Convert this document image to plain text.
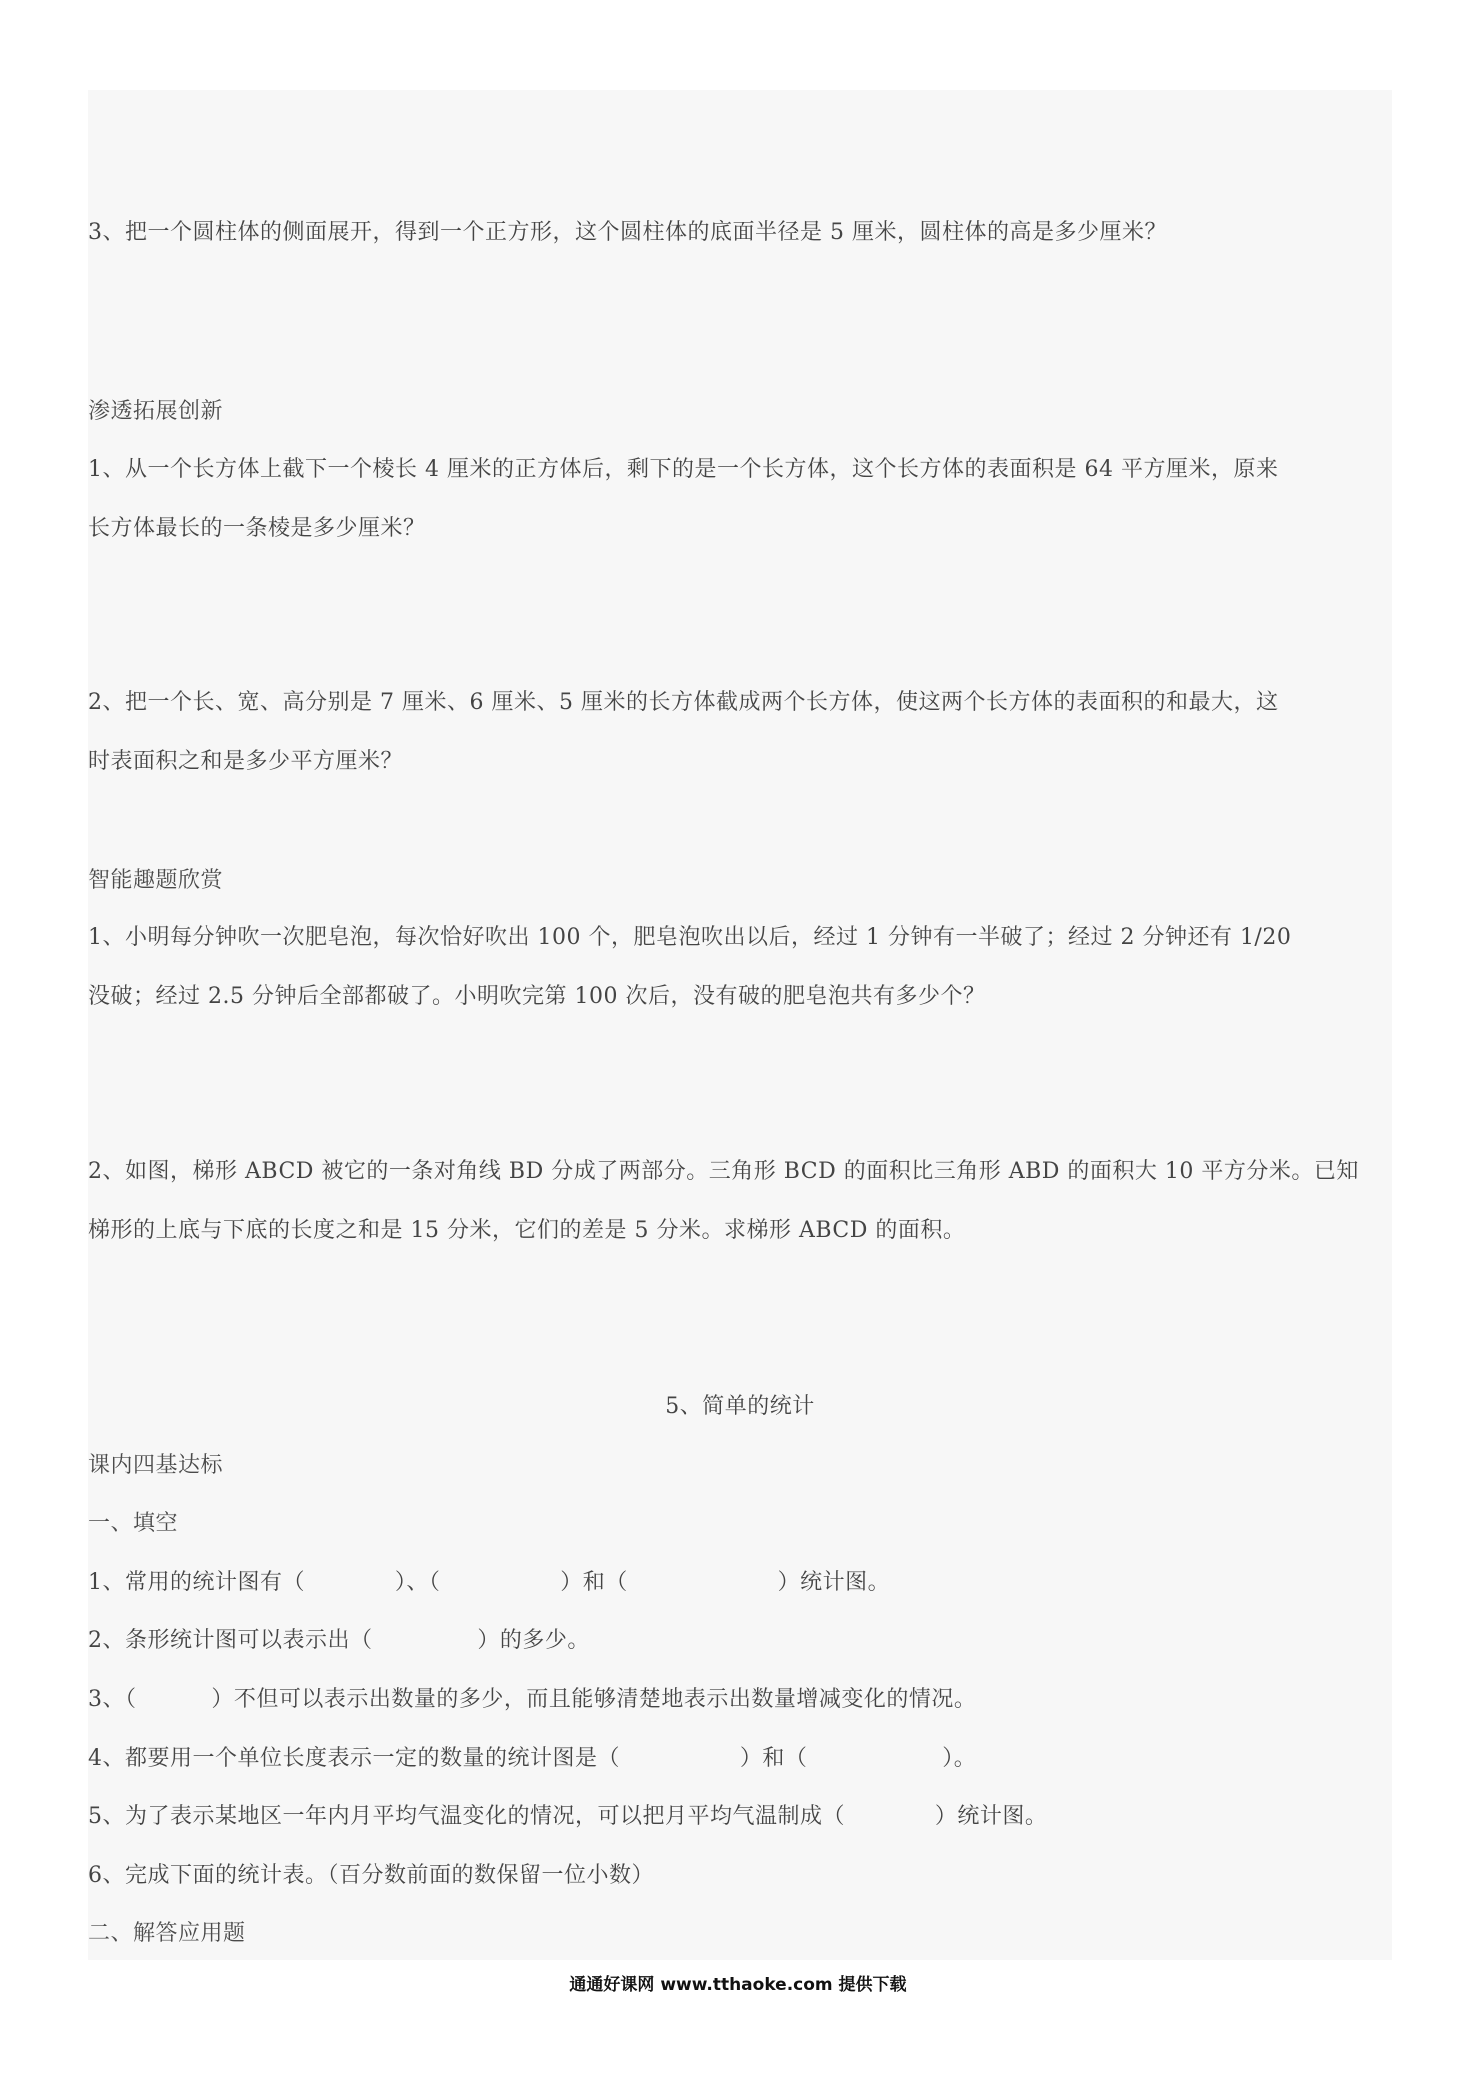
3、把一个圆柱体的侧面展开，得到一个正方形，这个圆柱体的底面半径是 5 厘米，圆柱体的高是多少厘米？
渗透拓展创新
1、从一个长方体上截下一个棱长 4 厘米的正方体后，剩下的是一个长方体，这个长方体的表面积是 64 平方厘米，原来
长方体最长的一条棱是多少厘米？
2、把一个长、宽、高分别是 7 厘米、6 厘米、5 厘米的长方体截成两个长方体，使这两个长方体的表面积的和最大，这
时表面积之和是多少平方厘米？
智能趣题欣赏
1、小明每分钟吹一次肥皂泡，每次恰好吹出 100 个，肥皂泡吹出以后，经过 1 分钟有一半破了；经过 2 分钟还有 1/20
没破；经过 2.5 分钟后全部都破了。小明吹完第 100 次后，没有破的肥皂泡共有多少个？
2、如图，梯形 ABCD 被它的一条对角线 BD 分成了两部分。三角形 BCD 的面积比三角形 ABD 的面积大 10 平方分米。已知
梯形的上底与下底的长度之和是 15 分米，它们的差是 5 分米。求梯形 ABCD 的面积。
5、简单的统计
课内四基达标
一、填空
1、常用的统计图有（            ）、（                ）和（                    ）统计图。
2、条形统计图可以表示出（              ）的多少。
3、（          ）不但可以表示出数量的多少，而且能够清楚地表示出数量增减变化的情况。
4、都要用一个单位长度表示一定的数量的统计图是（                ）和（                  ）。
5、为了表示某地区一年内月平均气温变化的情况，可以把月平均气温制成（            ）统计图。
6、完成下面的统计表。（百分数前面的数保留一位小数）
二、解答应用题
通通好课网 www.tthaoke.com 提供下载
